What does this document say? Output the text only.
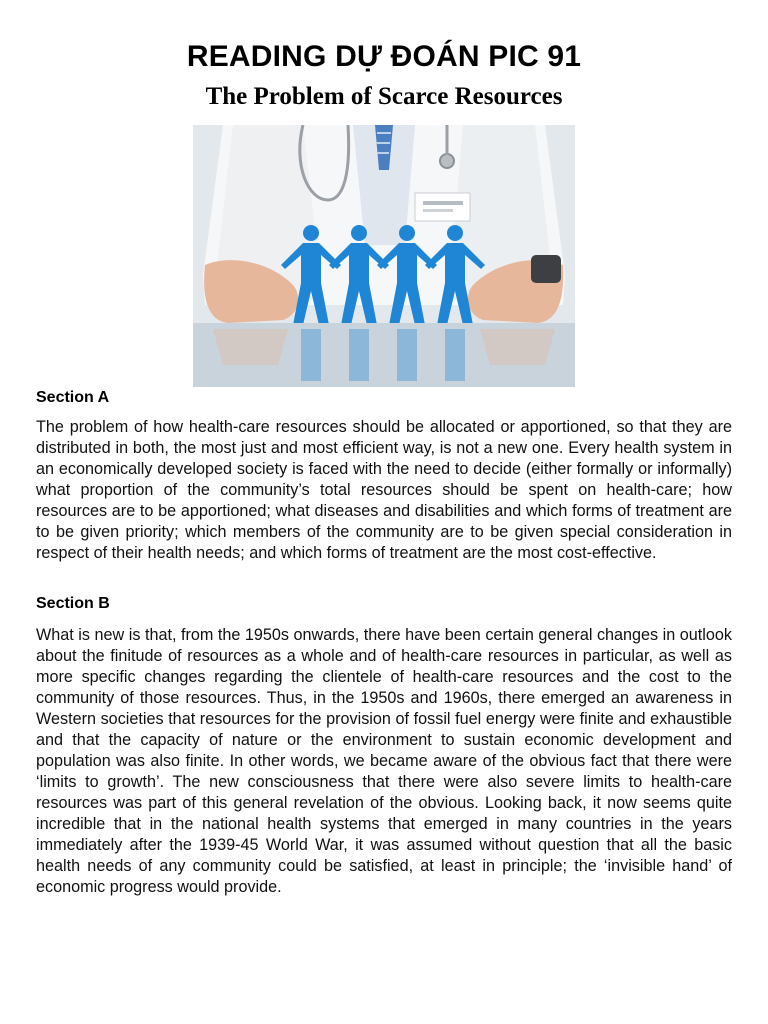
READING DỰ ĐOÁN PIC 91
The Problem of Scarce Resources
Section A

The problem of how health-care resources should be allocated or apportioned, so that they are distributed in both, the most just and most efficient way, is not a new one. Every health system in an economically developed society is faced with the need to decide (either formally or informally) what proportion of the community’s total resources should be spent on health-care; how resources are to be apportioned; what diseases and disabilities and which forms of treatment are to be given priority; which members of the community are to be given special consideration in respect of their health needs; and which forms of treatment are the most cost-effective.

Section B

What is new is that, from the 1950s onwards, there have been certain general changes in outlook about the finitude of resources as a whole and of health-care resources in particular, as well as more specific changes regarding the clientele of health-care resources and the cost to the community of those resources. Thus, in the 1950s and 1960s, there emerged an awareness in Western societies that resources for the provision of fossil fuel energy were finite and exhaustible and that the capacity of nature or the environment to sustain economic development and population was also finite. In other words, we became aware of the obvious fact that there were ‘limits to growth’. The new consciousness that there were also severe limits to health-care resources was part of this general revelation of the obvious. Looking back, it now seems quite incredible that in the national health systems that emerged in many countries in the years immediately after the 1939-45 World War, it was assumed without question that all the basic health needs of any community could be satisfied, at least in principle; the ‘invisible hand’ of economic progress would provide.
